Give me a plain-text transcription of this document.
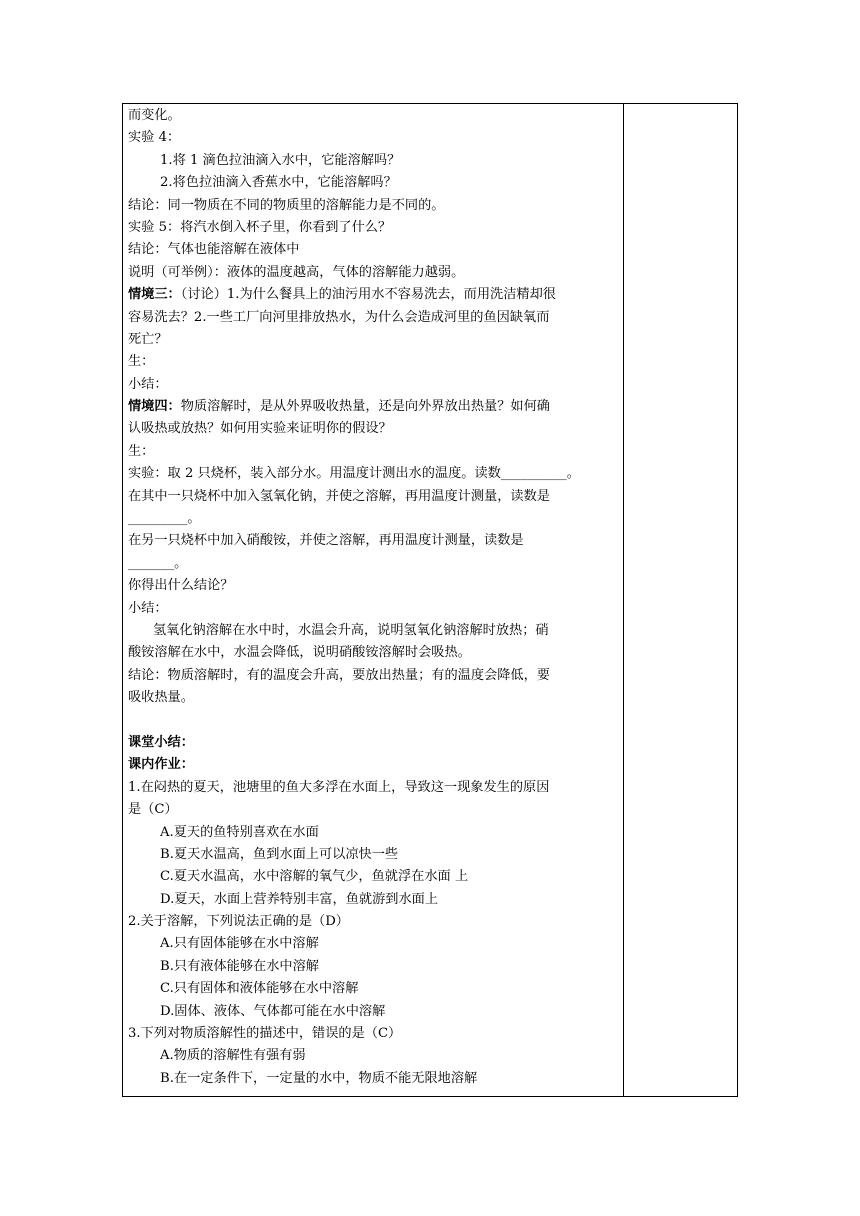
而变化。
实验 4：
1.将 1 滴色拉油滴入水中，它能溶解吗？
2.将色拉油滴入香蕉水中，它能溶解吗？
结论：同一物质在不同的物质里的溶解能力是不同的。
实验 5：将汽水倒入杯子里，你看到了什么？
结论：气体也能溶解在液体中
说明（可举例）：液体的温度越高，气体的溶解能力越弱。
情境三：（讨论）1.为什么餐具上的油污用水不容易洗去，而用洗洁精却很
容易洗去？2.一些工厂向河里排放热水，为什么会造成河里的鱼因缺氧而
死亡？
生：
小结：
情境四：物质溶解时，是从外界吸收热量，还是向外界放出热量？如何确
认吸热或放热？如何用实验来证明你的假设？
生：
实验：取 2 只烧杯，装入部分水。用温度计测出水的温度。读数__________。
在其中一只烧杯中加入氢氧化钠，并使之溶解，再用温度计测量，读数是
_________。
在另一只烧杯中加入硝酸铵，并使之溶解，再用温度计测量，读数是
_______。
你得出什么结论？
小结：
氢氧化钠溶解在水中时，水温会升高，说明氢氧化钠溶解时放热；硝
酸铵溶解在水中，水温会降低，说明硝酸铵溶解时会吸热。
结论：物质溶解时，有的温度会升高，要放出热量；有的温度会降低，要
吸收热量。
课堂小结：
课内作业：
1.在闷热的夏天，池塘里的鱼大多浮在水面上，导致这一现象发生的原因
是（C）
A.夏天的鱼特别喜欢在水面
B.夏天水温高，鱼到水面上可以凉快一些
C.夏天水温高，水中溶解的氧气少，鱼就浮在水面 上
D.夏天，水面上营养特别丰富，鱼就游到水面上
2.关于溶解，下列说法正确的是（D）
A.只有固体能够在水中溶解
B.只有液体能够在水中溶解
C.只有固体和液体能够在水中溶解
D.固体、液体、气体都可能在水中溶解
3.下列对物质溶解性的描述中，错误的是（C）
A.物质的溶解性有强有弱
B.在一定条件下，一定量的水中，物质不能无限地溶解
